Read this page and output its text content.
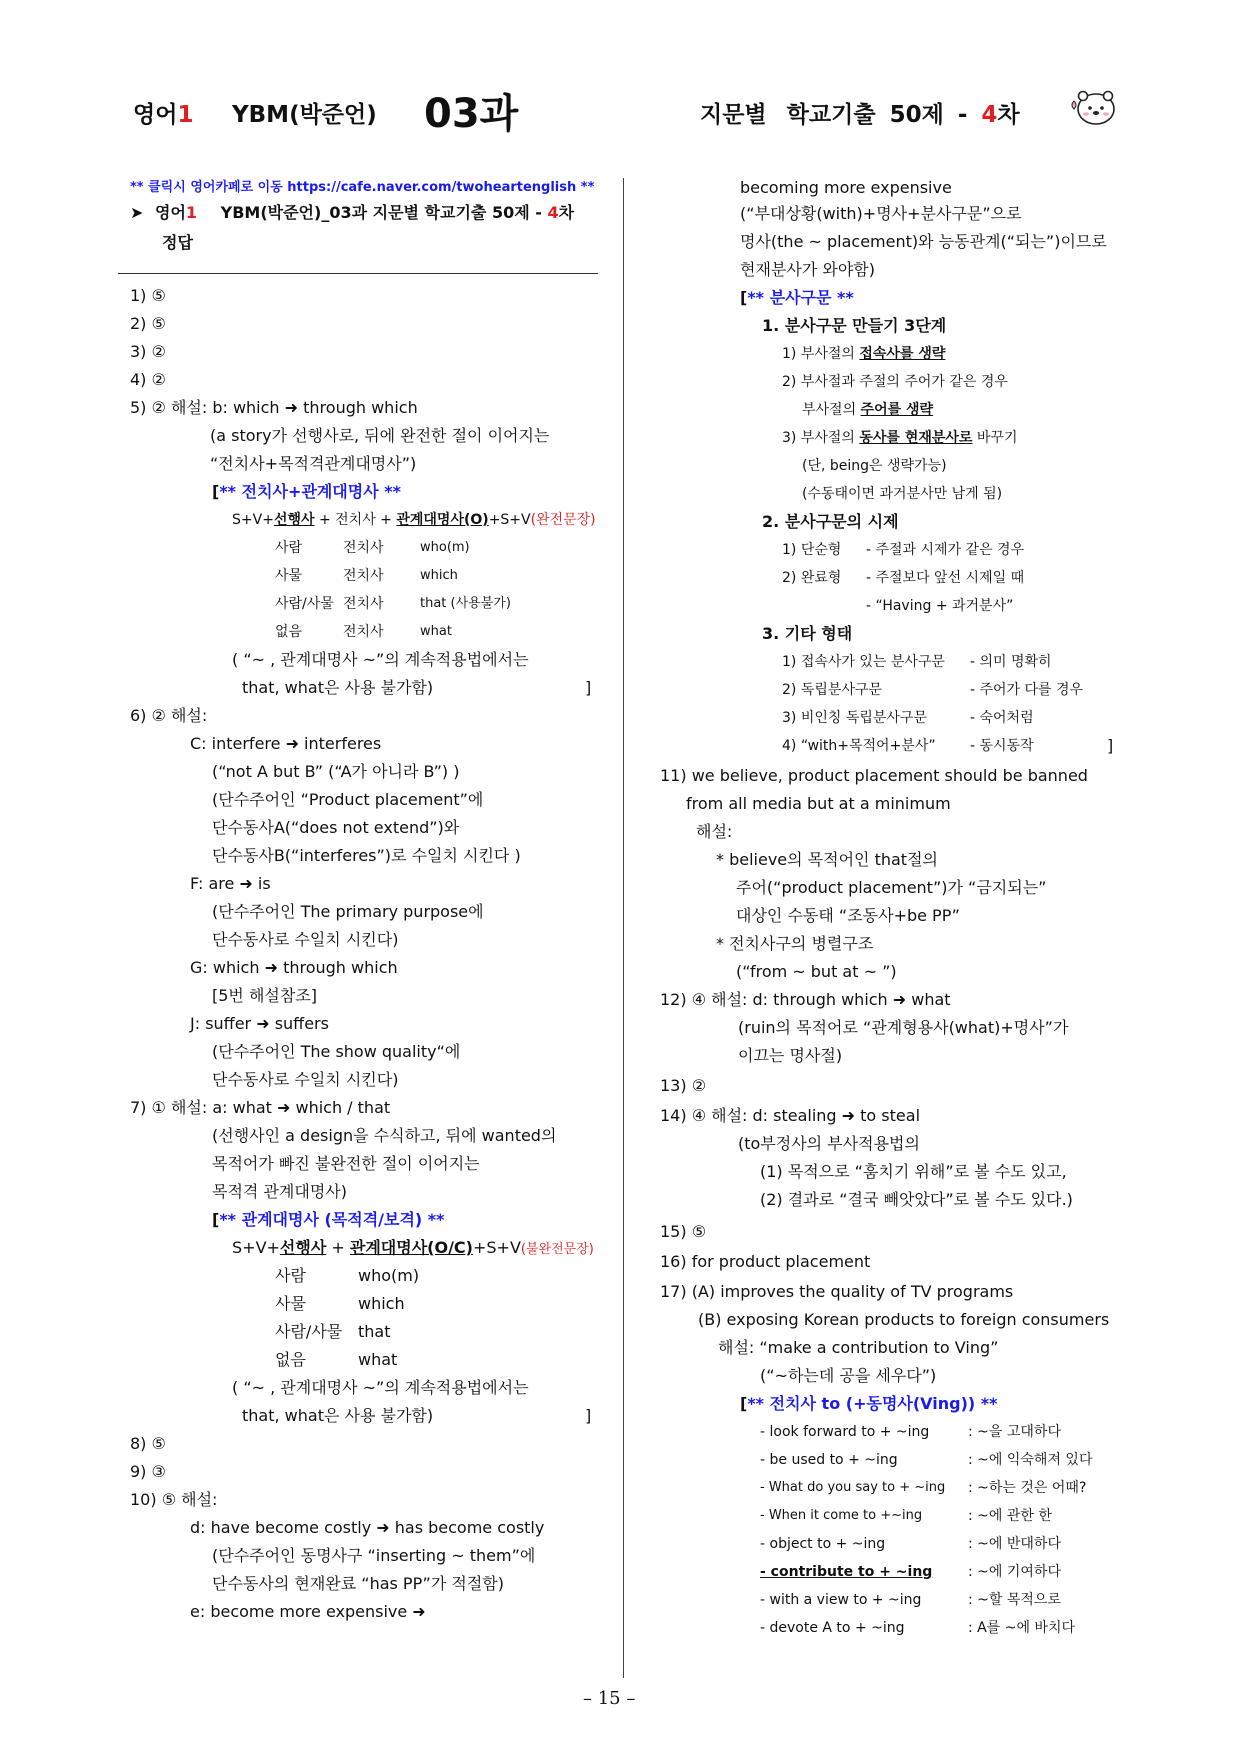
영어1 YBM(박준언) 03과	지문별 학교기출 50제 - 4차
** 클릭시 영어카페로 이동 https://cafe.naver.com/twoheartenglish **
➤ 영어1 YBM(박준언)_03과 지문별 학교기출 50제 - 4차
정답
1) ⑤
2) ⑤
3) ②
4) ②
5) ② 해설: b: which ➜ through which
(a story가 선행사로, 뒤에 완전한 절이 이어지는
“전치사+목적격관계대명사”)
[** 전치사+관계대명사 **
S+V+선행사 + 전치사 + 관계대명사(O)+S+V(완전문장)
사람	전치사	who(m)
사물	전치사	which
사람/사물 전치사	that (사용불가)
없음	전치사	what
( “~ , 관계대명사 ~”의 계속적용법에서는
that, what은 사용 불가함)	]
6) ② 해설:
C: interfere ➜ interferes
(“not A but B” (“A가 아니라 B”) )
(단수주어인 “Product placement”에
단수동사A(“does not extend”)와
단수동사B(“interferes”)로 수일치 시킨다 )
F: are ➜ is
(단수주어인 The primary purpose에
단수동사로 수일치 시킨다)
G: which ➜ through which
[5번 해설참조]
J: suffer ➜ suffers
(단수주어인 The show quality“에
단수동사로 수일치 시킨다)
7) ① 해설: a: what ➜ which / that
(선행사인 a design을 수식하고, 뒤에 wanted의
목적어가 빠진 불완전한 절이 이어지는
목적격 관계대명사)
[** 관계대명사 (목적격/보격) **
S+V+선행사 + 관계대명사(O/C)+S+V(불완전문장)
사람	who(m)
사물	which
사람/사물 that
없음	what
( “~ , 관계대명사 ~”의 계속적용법에서는
that, what은 사용 불가함)	]
8) ⑤
9) ③
10) ⑤ 해설:
d: have become costly ➜ has become costly
(단수주어인 동명사구 “inserting ~ them”에
단수동사의 현재완료 “has PP”가 적절함)
e: become more expensive ➜
becoming more expensive
(“부대상황(with)+명사+분사구문”으로
명사(the ~ placement)와 능동관계(“되는”)이므로
현재분사가 와야함)
[** 분사구문 **
1. 분사구문 만들기 3단계
1) 부사절의 접속사를 생략
2) 부사절과 주절의 주어가 같은 경우
부사절의 주어를 생략
3) 부사절의 동사를 현재분사로 바꾸기
(단, being은 생략가능)
(수동태이면 과거분사만 남게 됨)
2. 분사구문의 시제
1) 단순형 - 주절과 시제가 같은 경우
2) 완료형 - 주절보다 앞선 시제일 때
- “Having + 과거분사”
3. 기타 형태
1) 접속사가 있는 분사구문 - 의미 명확히
2) 독립분사구문	- 주어가 다를 경우
3) 비인칭 독립분사구문	- 숙어처럼
4) “with+목적어+분사” - 동시동작	]
11) we believe, product placement should be banned
from all media but at a minimum
해설:
* believe의 목적어인 that절의
주어(“product placement”)가 “금지되는”
대상인 수동태 “조동사+be PP”
* 전치사구의 병렬구조
(“from ~ but at ~ ”)
12) ④ 해설: d: through which ➜ what
(ruin의 목적어로 “관계형용사(what)+명사”가
이끄는 명사절)
13) ②
14) ④ 해설: d: stealing ➜ to steal
(to부정사의 부사적용법의
(1) 목적으로 “훔치기 위해”로 볼 수도 있고,
(2) 결과로 “결국 빼앗았다”로 볼 수도 있다.)
15) ⑤
16) for product placement
17) (A) improves the quality of TV programs
(B) exposing Korean products to foreign consumers
해설: “make a contribution to Ving”
(“~하는데 공을 세우다”)
[** 전치사 to (+동명사(Ving)) **
- look forward to + ~ing	: ~을 고대하다
- be used to + ~ing	: ~에 익숙해져 있다
- What do you say to + ~ing : ~하는 것은 어때?
- When it come to +~ing	: ~에 관한 한
- object to + ~ing	: ~에 반대하다
- contribute to + ~ing	: ~에 기여하다
- with a view to + ~ing	: ~할 목적으로
- devote A to + ~ing	: A를 ~에 바치다
– 15 –
